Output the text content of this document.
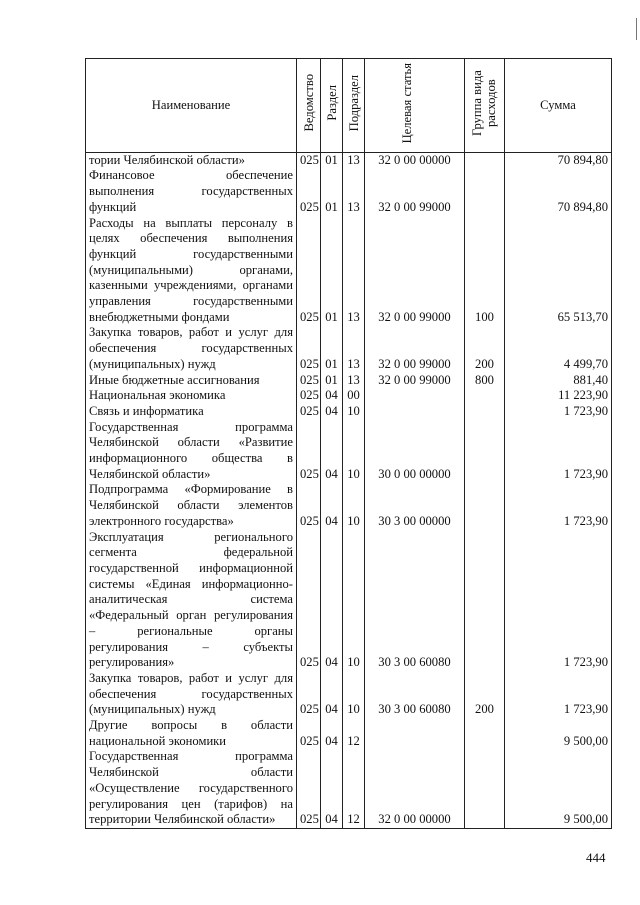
Наименование	Ведомство	Раздел	Подраздел	Целевая статья	Группа вида расходов	Сумма
тории Челябинской области»	025	01	13	32 0 00 00000		70 894,80
Финансовое обеспечение выполнения государственных функций	025	01	13	32 0 00 99000		70 894,80
Расходы на выплаты персоналу в целях обеспечения выполнения функций государственными (муниципальными) органами, казенными учреждениями, органами управления государственными внебюджетными фондами	025	01	13	32 0 00 99000	100	65 513,70
Закупка товаров, работ и услуг для обеспечения государственных (муниципальных) нужд	025	01	13	32 0 00 99000	200	4 499,70
Иные бюджетные ассигнования	025	01	13	32 0 00 99000	800	881,40
Национальная экономика	025	04	00			11 223,90
Связь и информатика	025	04	10			1 723,90
Государственная программа Челябинской области «Развитие информационного общества в Челябинской области»	025	04	10	30 0 00 00000		1 723,90
Подпрограмма «Формирование в Челябинской области элементов электронного государства»	025	04	10	30 3 00 00000		1 723,90
Эксплуатация регионального сегмента федеральной государственной информационной системы «Единая информационно-аналитическая система «Федеральный орган регулирования – региональные органы регулирования – субъекты регулирования»	025	04	10	30 3 00 60080		1 723,90
Закупка товаров, работ и услуг для обеспечения государственных (муниципальных) нужд	025	04	10	30 3 00 60080	200	1 723,90
Другие вопросы в области национальной экономики	025	04	12			9 500,00
Государственная программа Челябинской области «Осуществление государственного регулирования цен (тарифов) на территории Челябинской области»	025	04	12	32 0 00 00000		9 500,00
444
